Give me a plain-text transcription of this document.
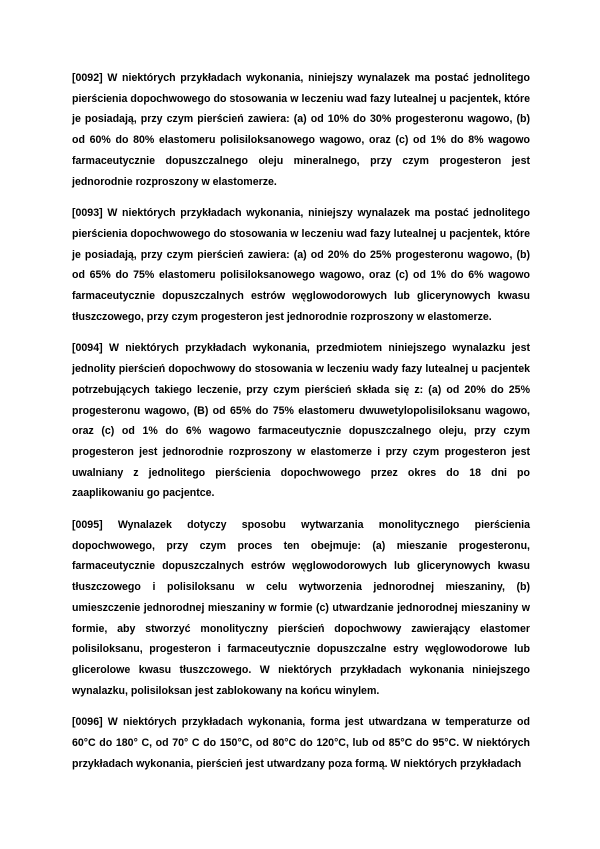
[0092] W niektórych przykładach wykonania, niniejszy wynalazek ma postać jednolitego pierścienia dopochwowego do stosowania w leczeniu wad fazy lutealnej u pacjentek, które je posiadają, przy czym pierścień zawiera: (a) od 10% do 30% progesteronu wagowo, (b) od 60% do 80% elastomeru polisiloksanowego wagowo, oraz (c) od 1% do 8% wagowo farmaceutycznie dopuszczalnego oleju mineralnego, przy czym progesteron jest jednorodnie rozproszony w elastomerze.

[0093] W niektórych przykładach wykonania, niniejszy wynalazek ma postać jednolitego pierścienia dopochwowego do stosowania w leczeniu wad fazy lutealnej u pacjentek, które je posiadają, przy czym pierścień zawiera: (a) od 20% do 25% progesteronu wagowo, (b) od 65% do 75% elastomeru polisiloksanowego wagowo, oraz (c) od 1% do 6% wagowo farmaceutycznie dopuszczalnych estrów węglowodorowych lub glicerynowych kwasu tłuszczowego, przy czym progesteron jest jednorodnie rozproszony w elastomerze.

[0094] W niektórych przykładach wykonania, przedmiotem niniejszego wynalazku jest jednolity pierścień dopochwowy do stosowania w leczeniu wady fazy lutealnej u pacjentek potrzebujących takiego leczenie, przy czym pierścień składa się z: (a) od 20% do 25% progesteronu wagowo, (B) od 65% do 75% elastomeru dwuwetylopolisiloksanu wagowo, oraz (c) od 1% do 6% wagowo farmaceutycznie dopuszczalnego oleju, przy czym progesteron jest jednorodnie rozproszony w elastomerze i przy czym progesteron jest uwalniany z jednolitego pierścienia dopochwowego przez okres do 18 dni po zaaplikowaniu go pacjentce.

[0095] Wynalazek dotyczy sposobu wytwarzania monolitycznego pierścienia dopochwowego, przy czym proces ten obejmuje: (a) mieszanie progesteronu, farmaceutycznie dopuszczalnych estrów węglowodorowych lub glicerynowych kwasu tłuszczowego i polisiloksanu w celu wytworzenia jednorodnej mieszaniny, (b) umieszczenie jednorodnej mieszaniny w formie (c) utwardzanie jednorodnej mieszaniny w formie, aby stworzyć monolityczny pierścień dopochwowy zawierający elastomer polisiloksanu, progesteron i farmaceutycznie dopuszczalne estry węglowodorowe lub glicerolowe kwasu tłuszczowego. W niektórych przykładach wykonania niniejszego wynalazku, polisiloksan jest zablokowany na końcu winylem.

[0096] W niektórych przykładach wykonania, forma jest utwardzana w temperaturze od 60°C do 180° C, od 70° C do 150°C, od 80°C do 120°C, lub od 85°C do 95°C. W niektórych przykładach wykonania, pierścień jest utwardzany poza formą. W niektórych przykładach
